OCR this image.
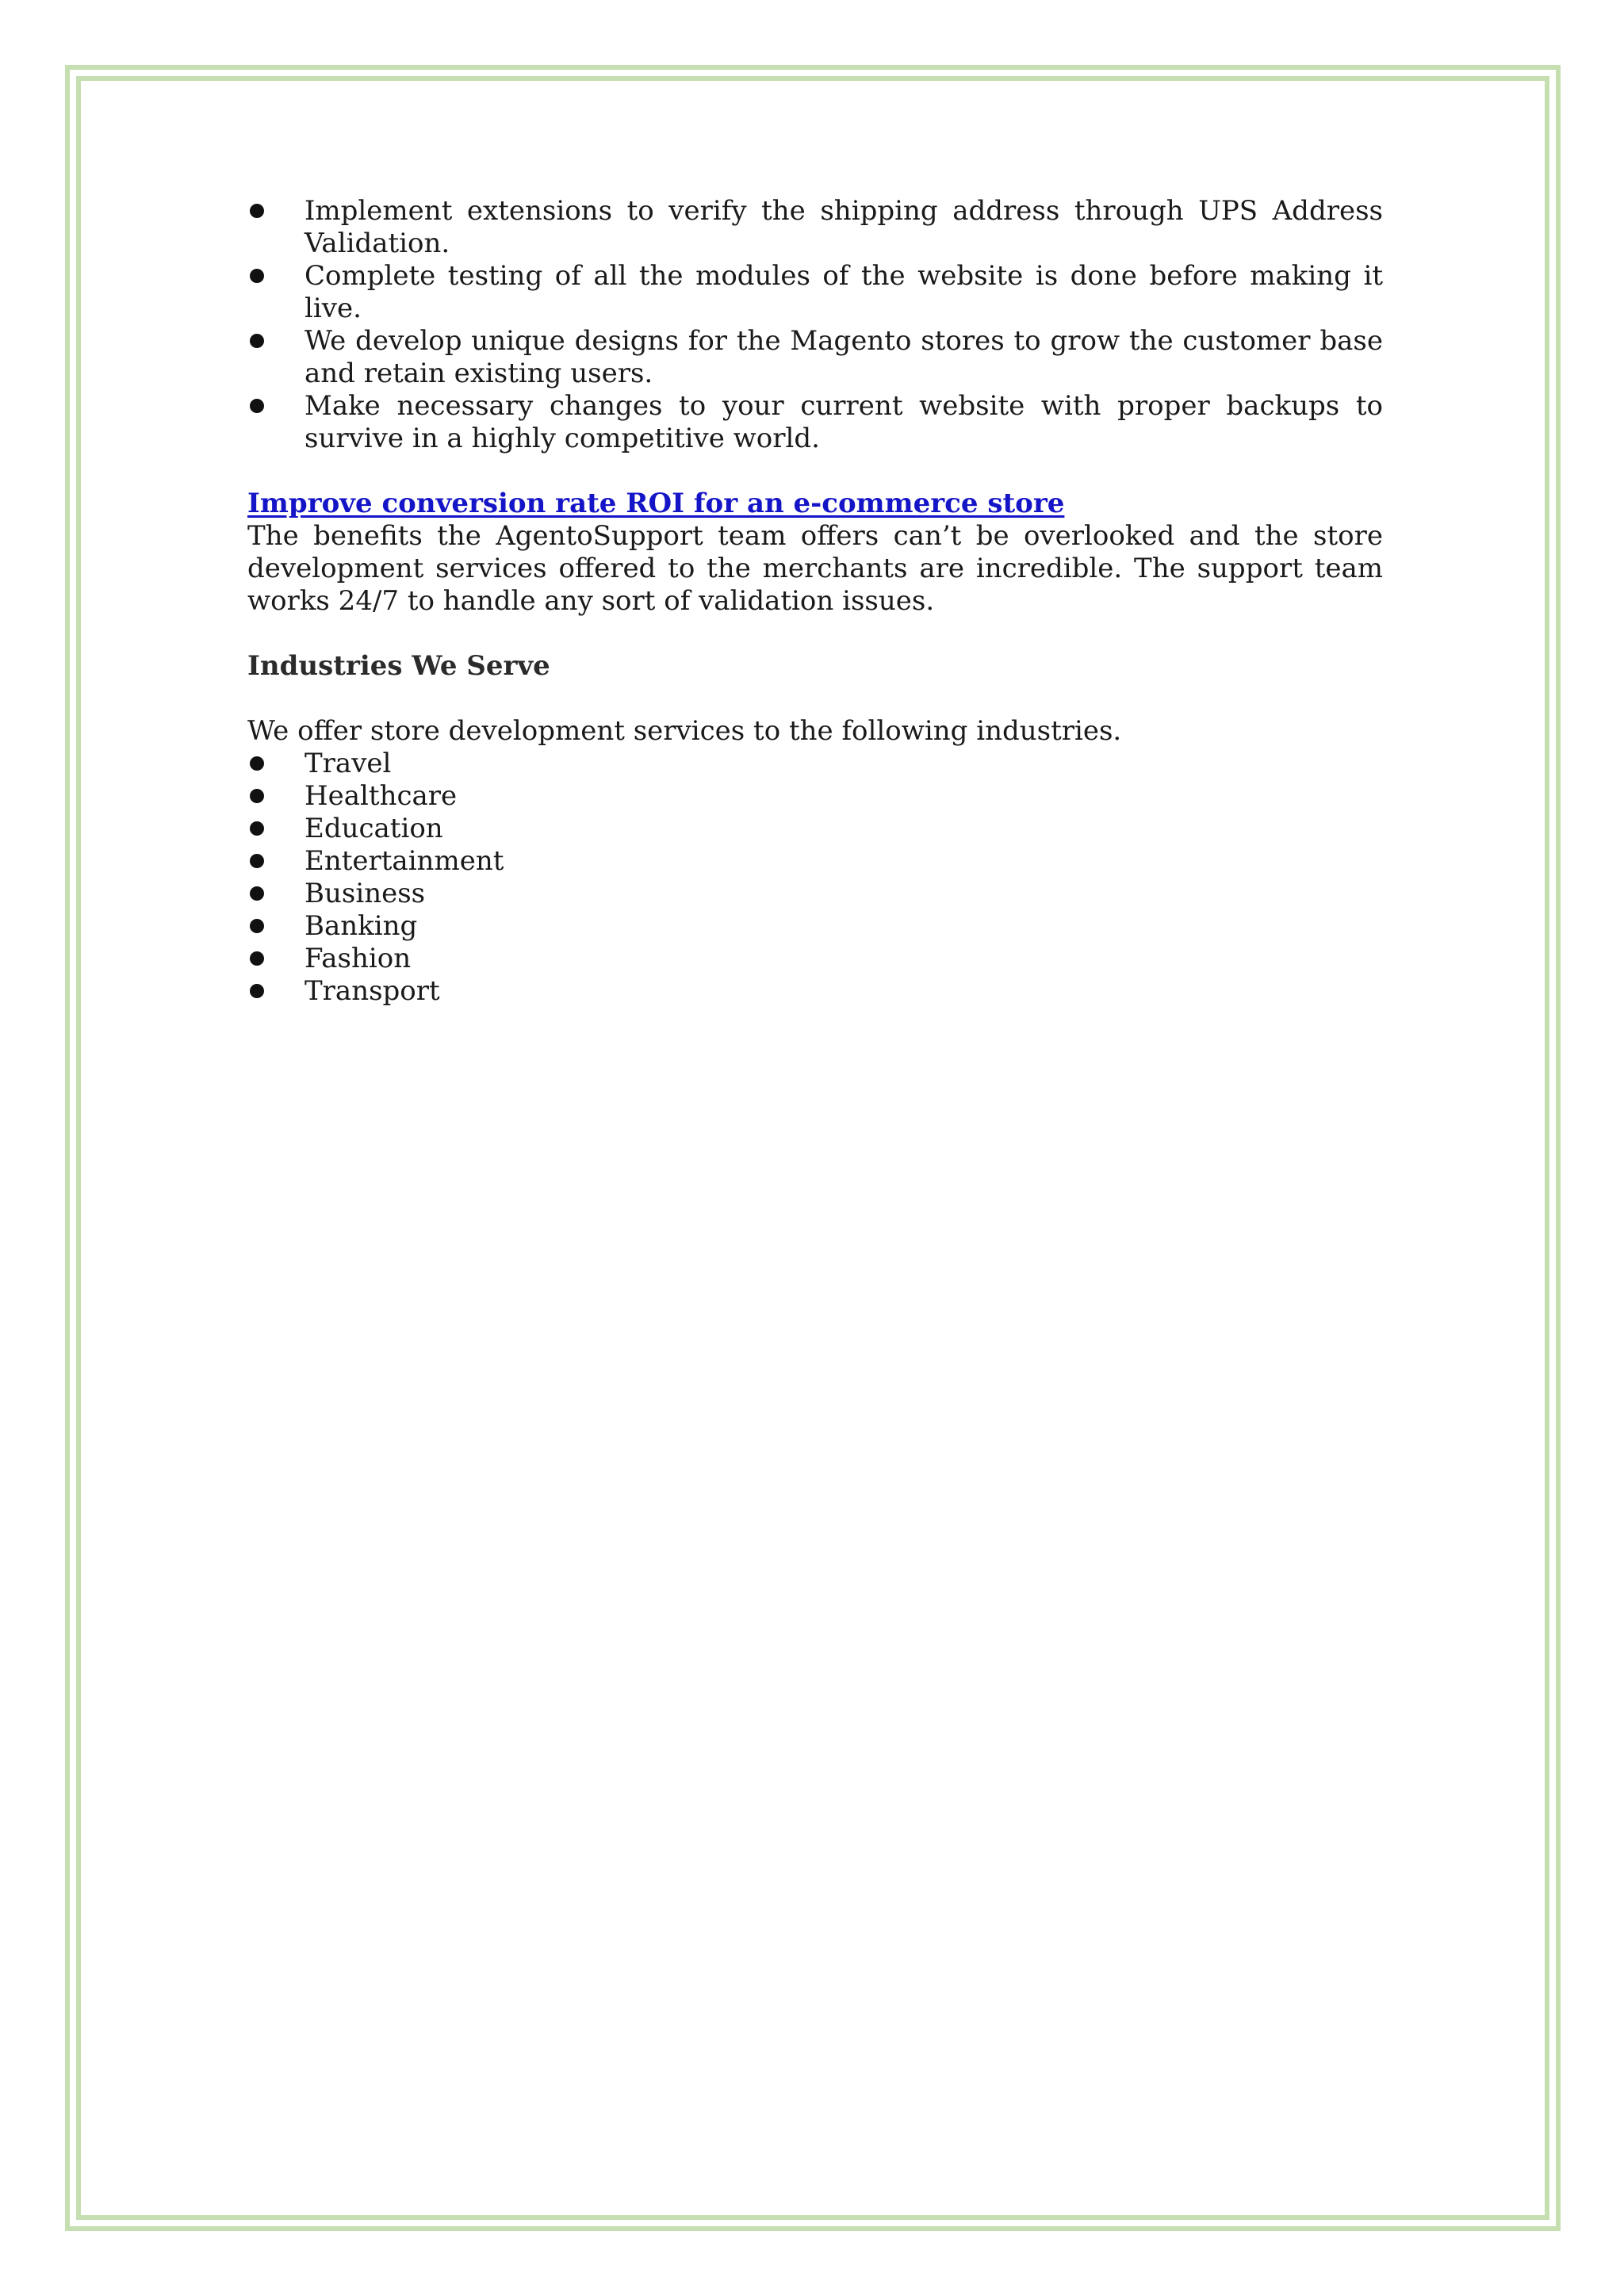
Implement extensions to verify the shipping address through UPS Address Validation.
Complete testing of all the modules of the website is done before making it live.
We develop unique designs for the Magento stores to grow the customer base and retain existing users.
Make necessary changes to your current website with proper backups to survive in a highly competitive world.
Improve conversion rate ROI for an e-commerce store

The benefits the AgentoSupport team offers can’t be overlooked and the store development services offered to the merchants are incredible. The support team works 24/7 to handle any sort of validation issues.

Industries We Serve

We offer store development services to the following industries.

Travel
Healthcare
Education
Entertainment
Business
Banking
Fashion
Transport
